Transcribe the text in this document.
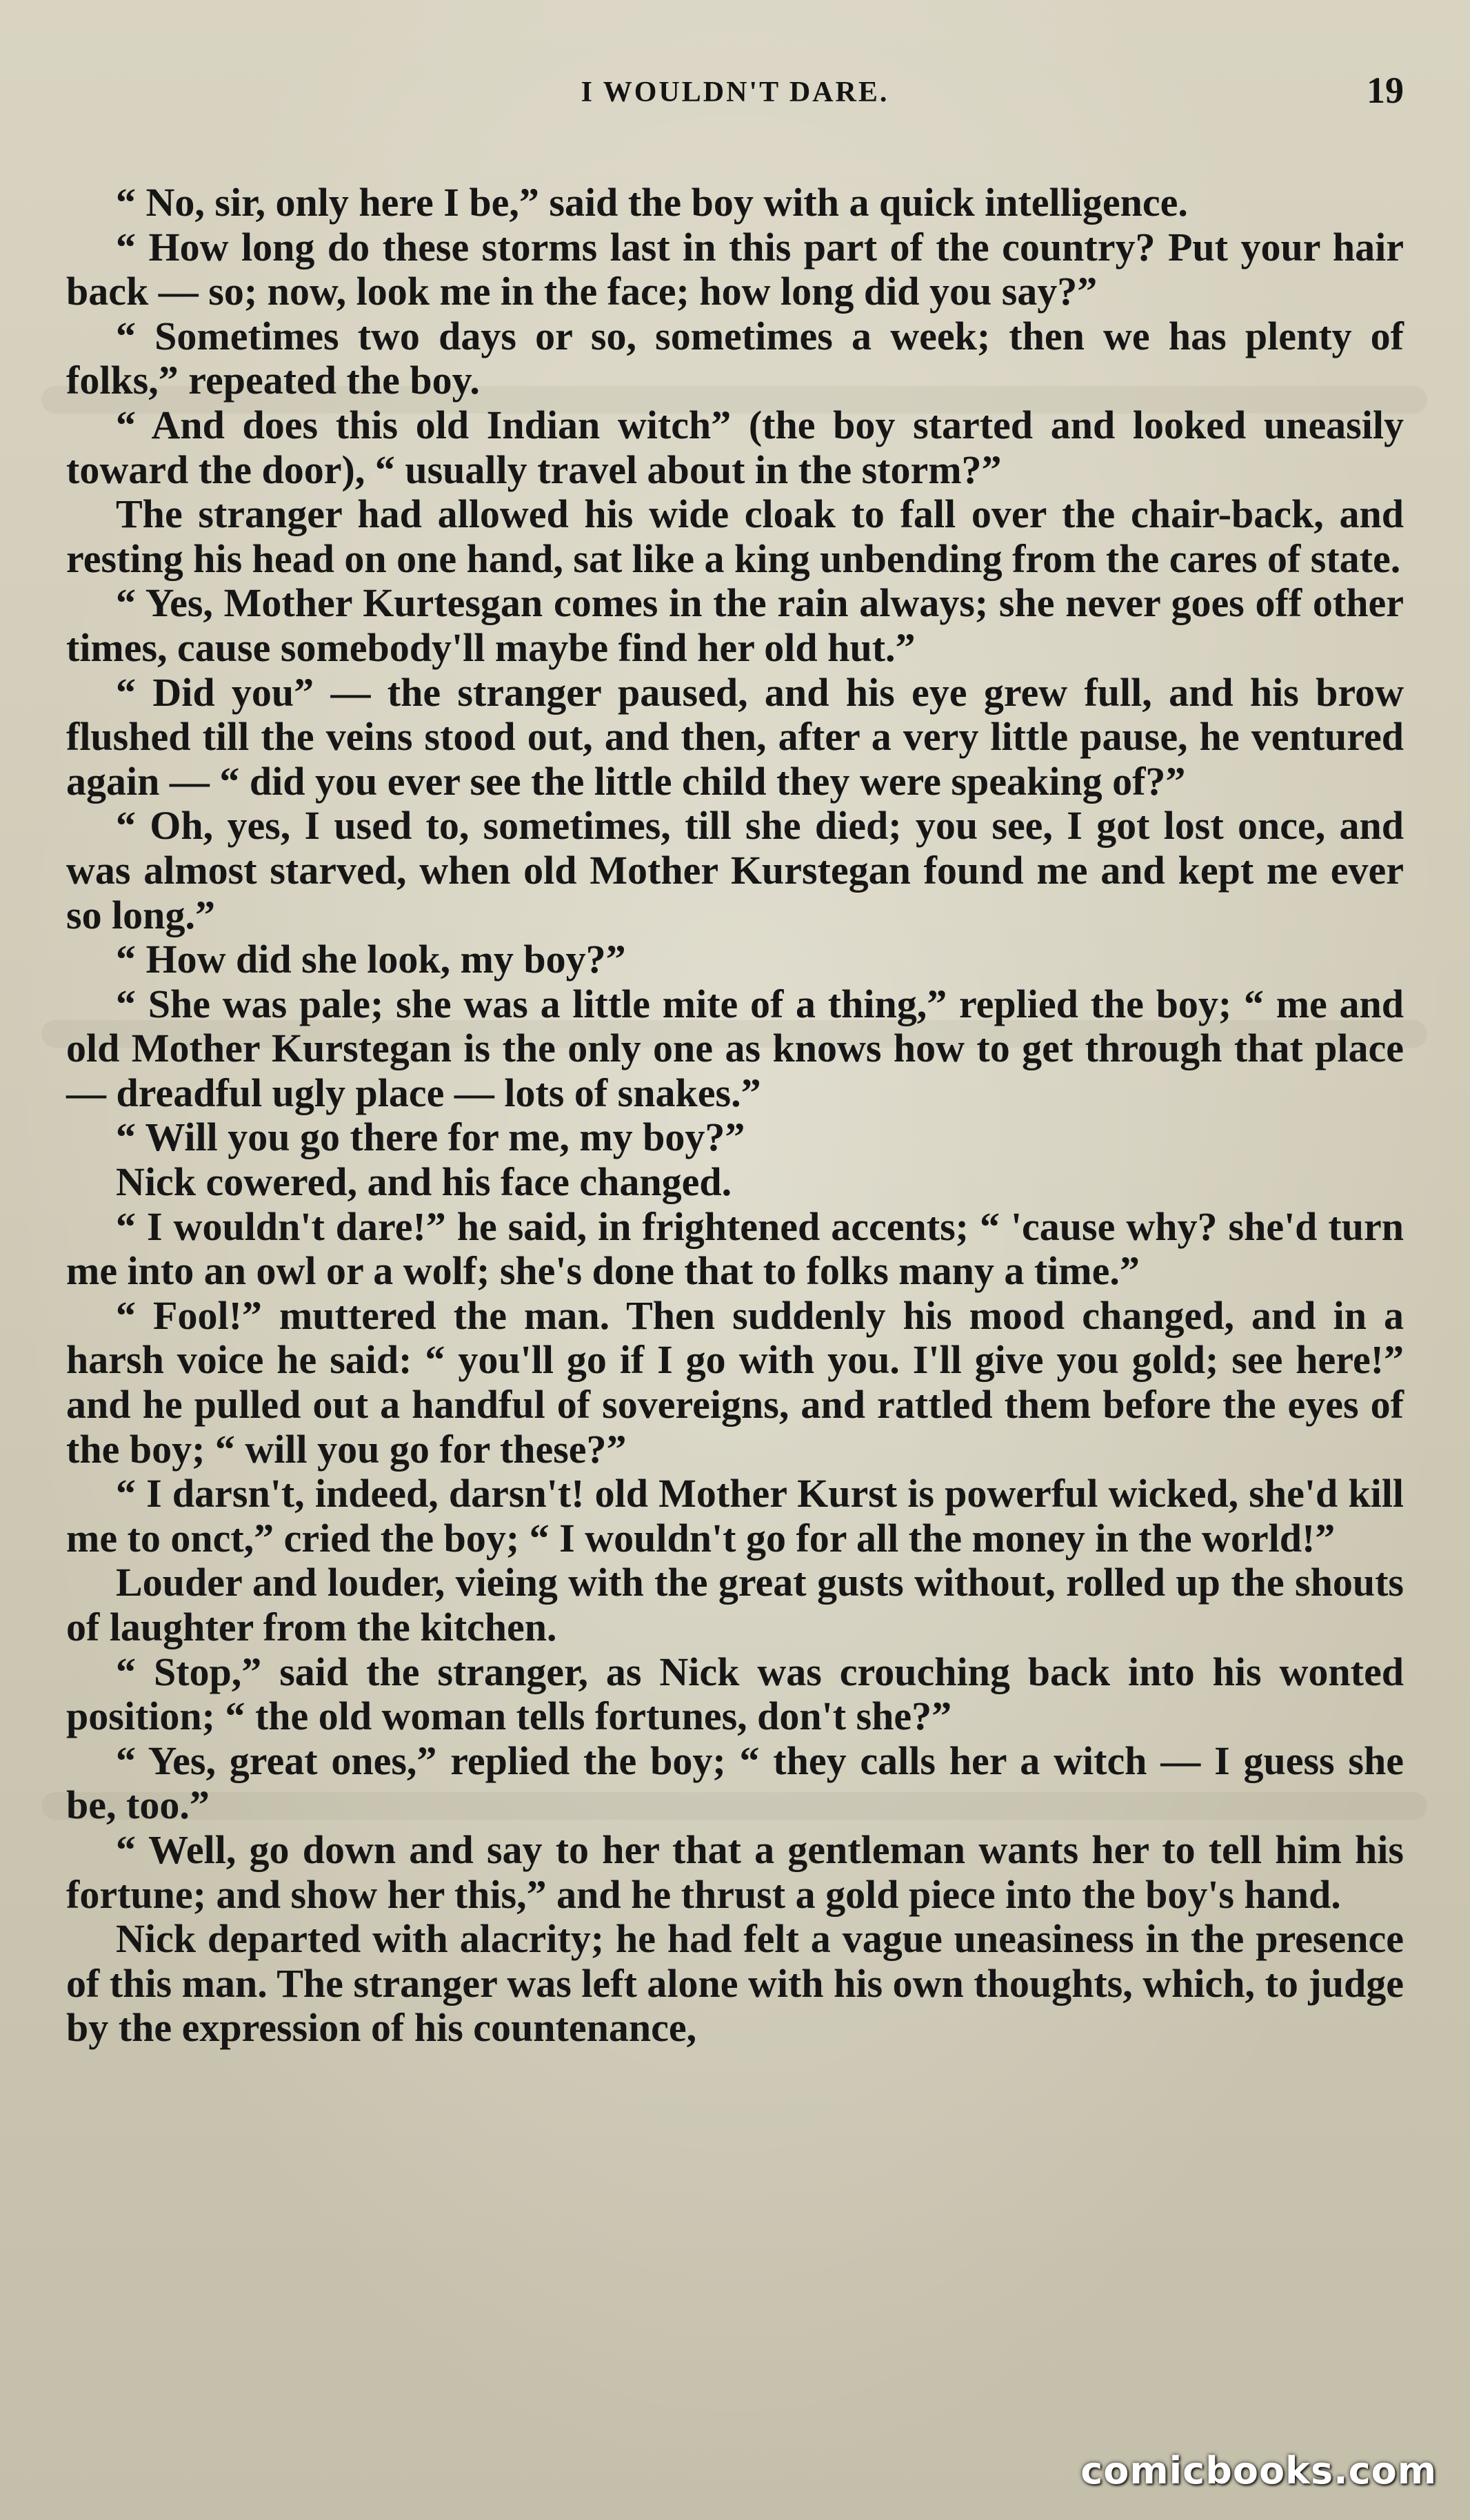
I WOULDN'T DARE.	19

“ No, sir, only here I be,” said the boy with a quick intelligence.

“ How long do these storms last in this part of the country? Put your hair back — so; now, look me in the face; how long did you say?”

“ Sometimes two days or so, sometimes a week; then we has plenty of folks,” repeated the boy.

“ And does this old Indian witch” (the boy started and looked uneasily toward the door), “ usually travel about in the storm?”

The stranger had allowed his wide cloak to fall over the chair-back, and resting his head on one hand, sat like a king unbending from the cares of state.

“ Yes, Mother Kurtesgan comes in the rain always; she never goes off other times, cause somebody'll maybe find her old hut.”

“ Did you” — the stranger paused, and his eye grew full, and his brow flushed till the veins stood out, and then, after a very little pause, he ventured again — “ did you ever see the little child they were speaking of?”

“ Oh, yes, I used to, sometimes, till she died; you see, I got lost once, and was almost starved, when old Mother Kurstegan found me and kept me ever so long.”

“ How did she look, my boy?”

“ She was pale; she was a little mite of a thing,” replied the boy; “ me and old Mother Kurstegan is the only one as knows how to get through that place — dreadful ugly place — lots of snakes.”

“ Will you go there for me, my boy?”

Nick cowered, and his face changed.

“ I wouldn't dare!” he said, in frightened accents; “ 'cause why? she'd turn me into an owl or a wolf; she's done that to folks many a time.”

“ Fool!” muttered the man. Then suddenly his mood changed, and in a harsh voice he said: “ you'll go if I go with you. I'll give you gold; see here!” and he pulled out a handful of sovereigns, and rattled them before the eyes of the boy; “ will you go for these?”

“ I darsn't, indeed, darsn't! old Mother Kurst is powerful wicked, she'd kill me to onct,” cried the boy; “ I wouldn't go for all the money in the world!”

Louder and louder, vieing with the great gusts without, rolled up the shouts of laughter from the kitchen.

“ Stop,” said the stranger, as Nick was crouching back into his wonted position; “ the old woman tells fortunes, don't she?”

“ Yes, great ones,” replied the boy; “ they calls her a witch — I guess she be, too.”

“ Well, go down and say to her that a gentleman wants her to tell him his fortune; and show her this,” and he thrust a gold piece into the boy's hand.

Nick departed with alacrity; he had felt a vague uneasiness in the presence of this man. The stranger was left alone with his own thoughts, which, to judge by the expression of his countenance,

comicbooks.com
